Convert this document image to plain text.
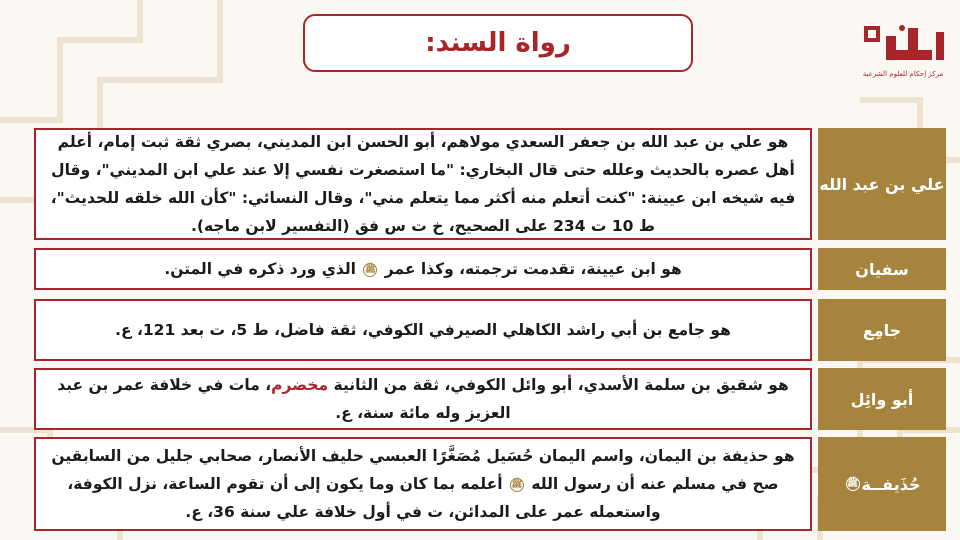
رواة السند:
مركز إحكام للعلوم الشرعية

هو علي بن عبد الله بن جعفر السعدي مولاهم، أبو الحسن ابن المديني، بصري ثقة ثبت إمام، أعلم أهل عصره بالحديث وعلله حتى قال البخاري: "ما استصغرت نفسي إلا عند علي ابن المديني"، وقال فيه شيخه ابن عيينة: "كنت أتعلم منه أكثر مما يتعلم مني"، وقال النسائي: "كأن الله خلقه للحديث"، ط 10 ت 234 على الصحيح، خ ت س فق (التفسير لابن ماجه).

علي بن عبد الله

هو ابن عيينة، تقدمت ترجمته، وكذا عمر ﷺ الذي ورد ذكره في المتن.	سفيان

هو جامع بن أبي راشد الكاهلي الصيرفي الكوفي، ثقة فاضل، ط 5، ت بعد 121، ع.	جامِع

هو شقيق بن سلمة الأسدي، أبو وائل الكوفي، ثقة من الثانية مخضرم، مات في خلافة عمر بن عبد العزيز وله مائة سنة، ع.

أبو وائِل

هو حذيفة بن اليمان، واسم اليمان حُسَيل مُصَغَّرًا العبسي حليف الأنصار، صحابي جليل من السابقين صح في مسلم عنه أن رسول الله ﷺ أعلمه بما كان وما يكون إلى أن تقوم الساعة، نزل الكوفة، واستعمله عمر على المدائن، ت في أول خلافة علي سنة 36، ع.

حُذَيفــة
ﷺ
